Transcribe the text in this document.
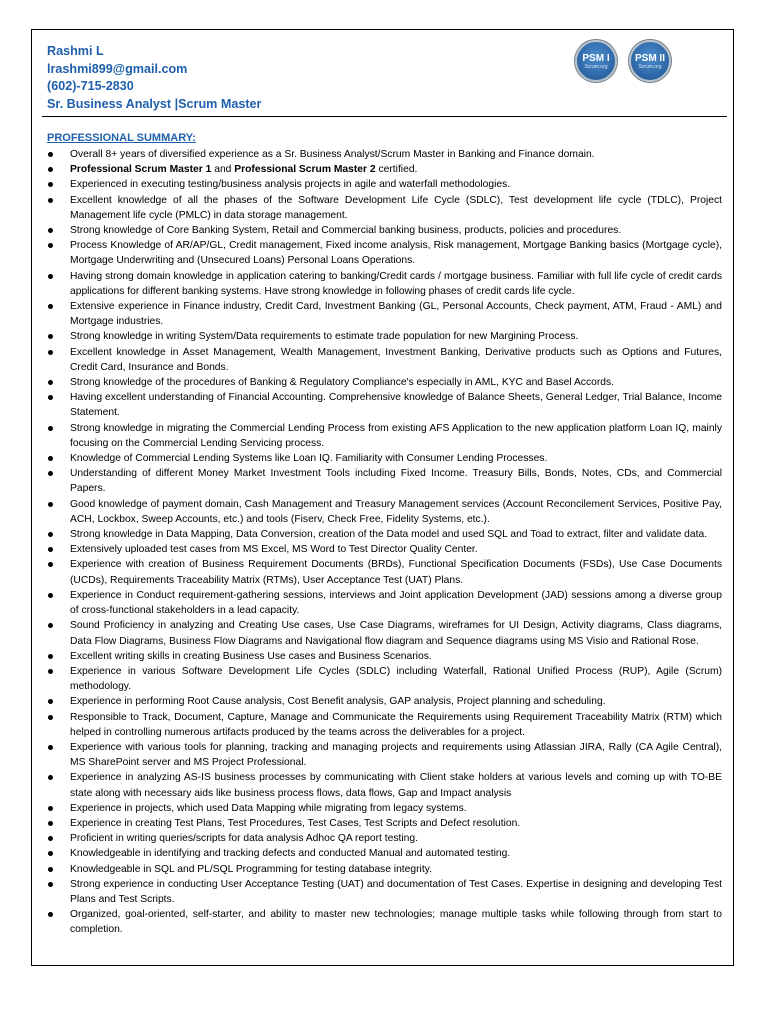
Rashmi L
lrashmi899@gmail.com
(602)-715-2830
Sr. Business Analyst |Scrum Master
PSM I
Scrum.org
PSM II
Scrum.org
PROFESSIONAL SUMMARY:
Overall 8+ years of diversified experience as a Sr. Business Analyst/Scrum Master in Banking and Finance domain.
Professional Scrum Master 1 and Professional Scrum Master 2 certified.
Experienced in executing testing/business analysis projects in agile and waterfall methodologies.
Excellent knowledge of all the phases of the Software Development Life Cycle (SDLC), Test development life cycle (TDLC), Project Management life cycle (PMLC) in data storage management.
Strong knowledge of Core Banking System, Retail and Commercial banking business, products, policies and procedures.
Process Knowledge of AR/AP/GL, Credit management, Fixed income analysis, Risk management, Mortgage Banking basics (Mortgage cycle), Mortgage Underwriting and (Unsecured Loans) Personal Loans Operations.
Having strong domain knowledge in application catering to banking/Credit cards / mortgage business. Familiar with full life cycle of credit cards applications for different banking systems. Have strong knowledge in following phases of credit cards life cycle.
Extensive experience in Finance industry, Credit Card, Investment Banking (GL, Personal Accounts, Check payment, ATM, Fraud - AML) and Mortgage industries.
Strong knowledge in writing System/Data requirements to estimate trade population for new Margining Process.
Excellent knowledge in Asset Management, Wealth Management, Investment Banking, Derivative products such as Options and Futures, Credit Card, Insurance and Bonds.
Strong knowledge of the procedures of Banking & Regulatory Compliance's especially in AML, KYC and Basel Accords.
Having excellent understanding of Financial Accounting. Comprehensive knowledge of Balance Sheets, General Ledger, Trial Balance, Income Statement.
Strong knowledge in migrating the Commercial Lending Process from existing AFS Application to the new application platform Loan IQ, mainly focusing on the Commercial Lending Servicing process.
Knowledge of Commercial Lending Systems like Loan IQ. Familiarity with Consumer Lending Processes.
Understanding of different Money Market Investment Tools including Fixed Income. Treasury Bills, Bonds, Notes, CDs, and Commercial Papers.
Good knowledge of payment domain, Cash Management and Treasury Management services (Account Reconcilement Services, Positive Pay, ACH, Lockbox, Sweep Accounts, etc.) and tools (Fiserv, Check Free, Fidelity Systems, etc.).
Strong knowledge in Data Mapping, Data Conversion, creation of the Data model and used SQL and Toad to extract, filter and validate data.
Extensively uploaded test cases from MS Excel, MS Word to Test Director Quality Center.
Experience with creation of Business Requirement Documents (BRDs), Functional Specification Documents (FSDs), Use Case Documents (UCDs), Requirements Traceability Matrix (RTMs), User Acceptance Test (UAT) Plans.
Experience in Conduct requirement-gathering sessions, interviews and Joint application Development (JAD) sessions among a diverse group of cross-functional stakeholders in a lead capacity.
Sound Proficiency in analyzing and Creating Use cases, Use Case Diagrams, wireframes for UI Design, Activity diagrams, Class diagrams, Data Flow Diagrams, Business Flow Diagrams and Navigational flow diagram and Sequence diagrams using MS Visio and Rational Rose.
Excellent writing skills in creating Business Use cases and Business Scenarios.
Experience in various Software Development Life Cycles (SDLC) including Waterfall, Rational Unified Process (RUP), Agile (Scrum) methodology.
Experience in performing Root Cause analysis, Cost Benefit analysis, GAP analysis, Project planning and scheduling.
Responsible to Track, Document, Capture, Manage and Communicate the Requirements using Requirement Traceability Matrix (RTM) which helped in controlling numerous artifacts produced by the teams across the deliverables for a project.
Experience with various tools for planning, tracking and managing projects and requirements using Atlassian JIRA, Rally (CA Agile Central), MS SharePoint server and MS Project Professional.
Experience in analyzing AS-IS business processes by communicating with Client stake holders at various levels and coming up with TO-BE state along with necessary aids like business process flows, data flows, Gap and Impact analysis
Experience in projects, which used Data Mapping while migrating from legacy systems.
Experience in creating Test Plans, Test Procedures, Test Cases, Test Scripts and Defect resolution.
Proficient in writing queries/scripts for data analysis Adhoc QA report testing.
Knowledgeable in identifying and tracking defects and conducted Manual and automated testing.
Knowledgeable in SQL and PL/SQL Programming for testing database integrity.
Strong experience in conducting User Acceptance Testing (UAT) and documentation of Test Cases. Expertise in designing and developing Test Plans and Test Scripts.
Organized, goal-oriented, self-starter, and ability to master new technologies; manage multiple tasks while following through from start to completion.
